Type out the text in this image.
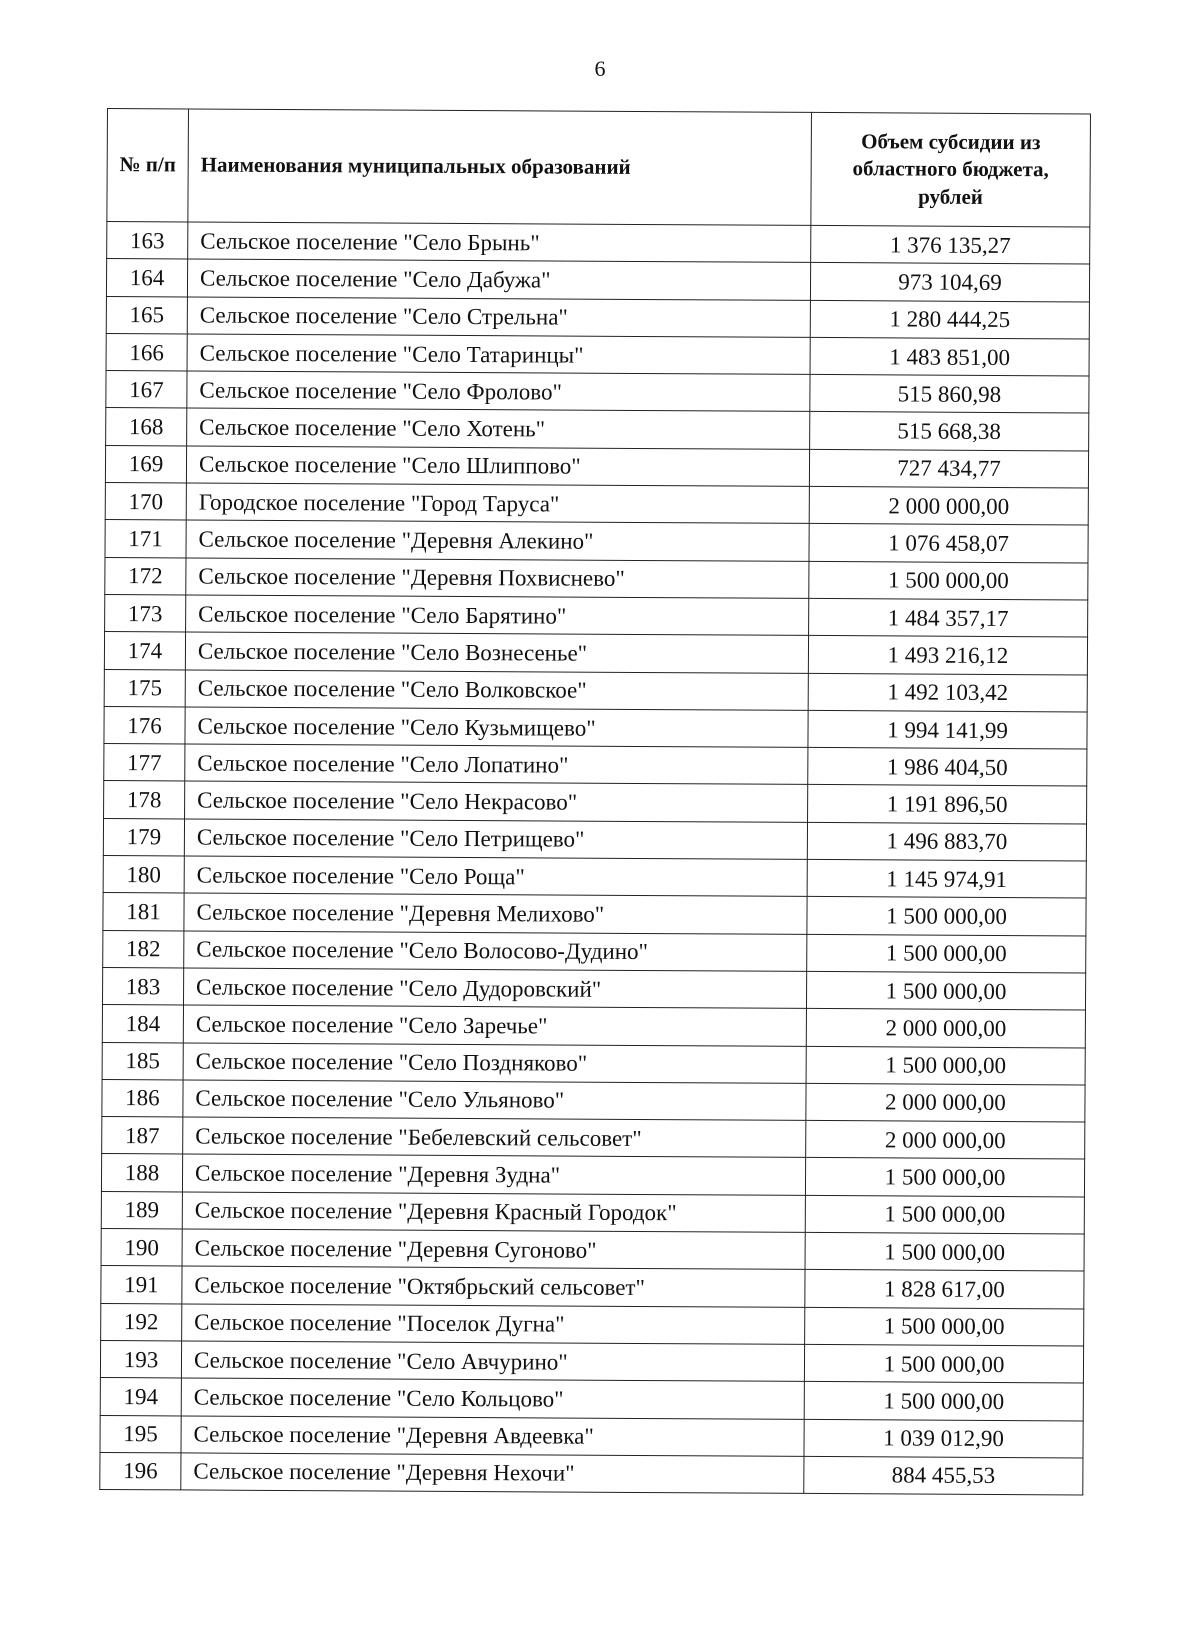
6
№ п/п	Наименования муниципальных образований	Объем субсидии из областного бюджета, рублей
163	Сельское поселение "Село Брынь"	1 376 135,27
164	Сельское поселение "Село Дабужа"	973 104,69
165	Сельское поселение "Село Стрельна"	1 280 444,25
166	Сельское поселение "Село Татаринцы"	1 483 851,00
167	Сельское поселение "Село Фролово"	515 860,98
168	Сельское поселение "Село Хотень"	515 668,38
169	Сельское поселение "Село Шлиппово"	727 434,77
170	Городское поселение "Город Таруса"	2 000 000,00
171	Сельское поселение "Деревня Алекино"	1 076 458,07
172	Сельское поселение "Деревня Похвиснево"	1 500 000,00
173	Сельское поселение "Село Барятино"	1 484 357,17
174	Сельское поселение "Село Вознесенье"	1 493 216,12
175	Сельское поселение "Село Волковское"	1 492 103,42
176	Сельское поселение "Село Кузьмищево"	1 994 141,99
177	Сельское поселение "Село Лопатино"	1 986 404,50
178	Сельское поселение "Село Некрасово"	1 191 896,50
179	Сельское поселение "Село Петрищево"	1 496 883,70
180	Сельское поселение "Село Роща"	1 145 974,91
181	Сельское поселение "Деревня Мелихово"	1 500 000,00
182	Сельское поселение "Село Волосово-Дудино"	1 500 000,00
183	Сельское поселение "Село Дудоровский"	1 500 000,00
184	Сельское поселение "Село Заречье"	2 000 000,00
185	Сельское поселение "Село Поздняково"	1 500 000,00
186	Сельское поселение "Село Ульяново"	2 000 000,00
187	Сельское поселение "Бебелевский сельсовет"	2 000 000,00
188	Сельское поселение "Деревня Зудна"	1 500 000,00
189	Сельское поселение "Деревня Красный Городок"	1 500 000,00
190	Сельское поселение "Деревня Сугоново"	1 500 000,00
191	Сельское поселение "Октябрьский сельсовет"	1 828 617,00
192	Сельское поселение "Поселок Дугна"	1 500 000,00
193	Сельское поселение "Село Авчурино"	1 500 000,00
194	Сельское поселение "Село Кольцово"	1 500 000,00
195	Сельское поселение "Деревня Авдеевка"	1 039 012,90
196	Сельское поселение "Деревня Нехочи"	884 455,53
